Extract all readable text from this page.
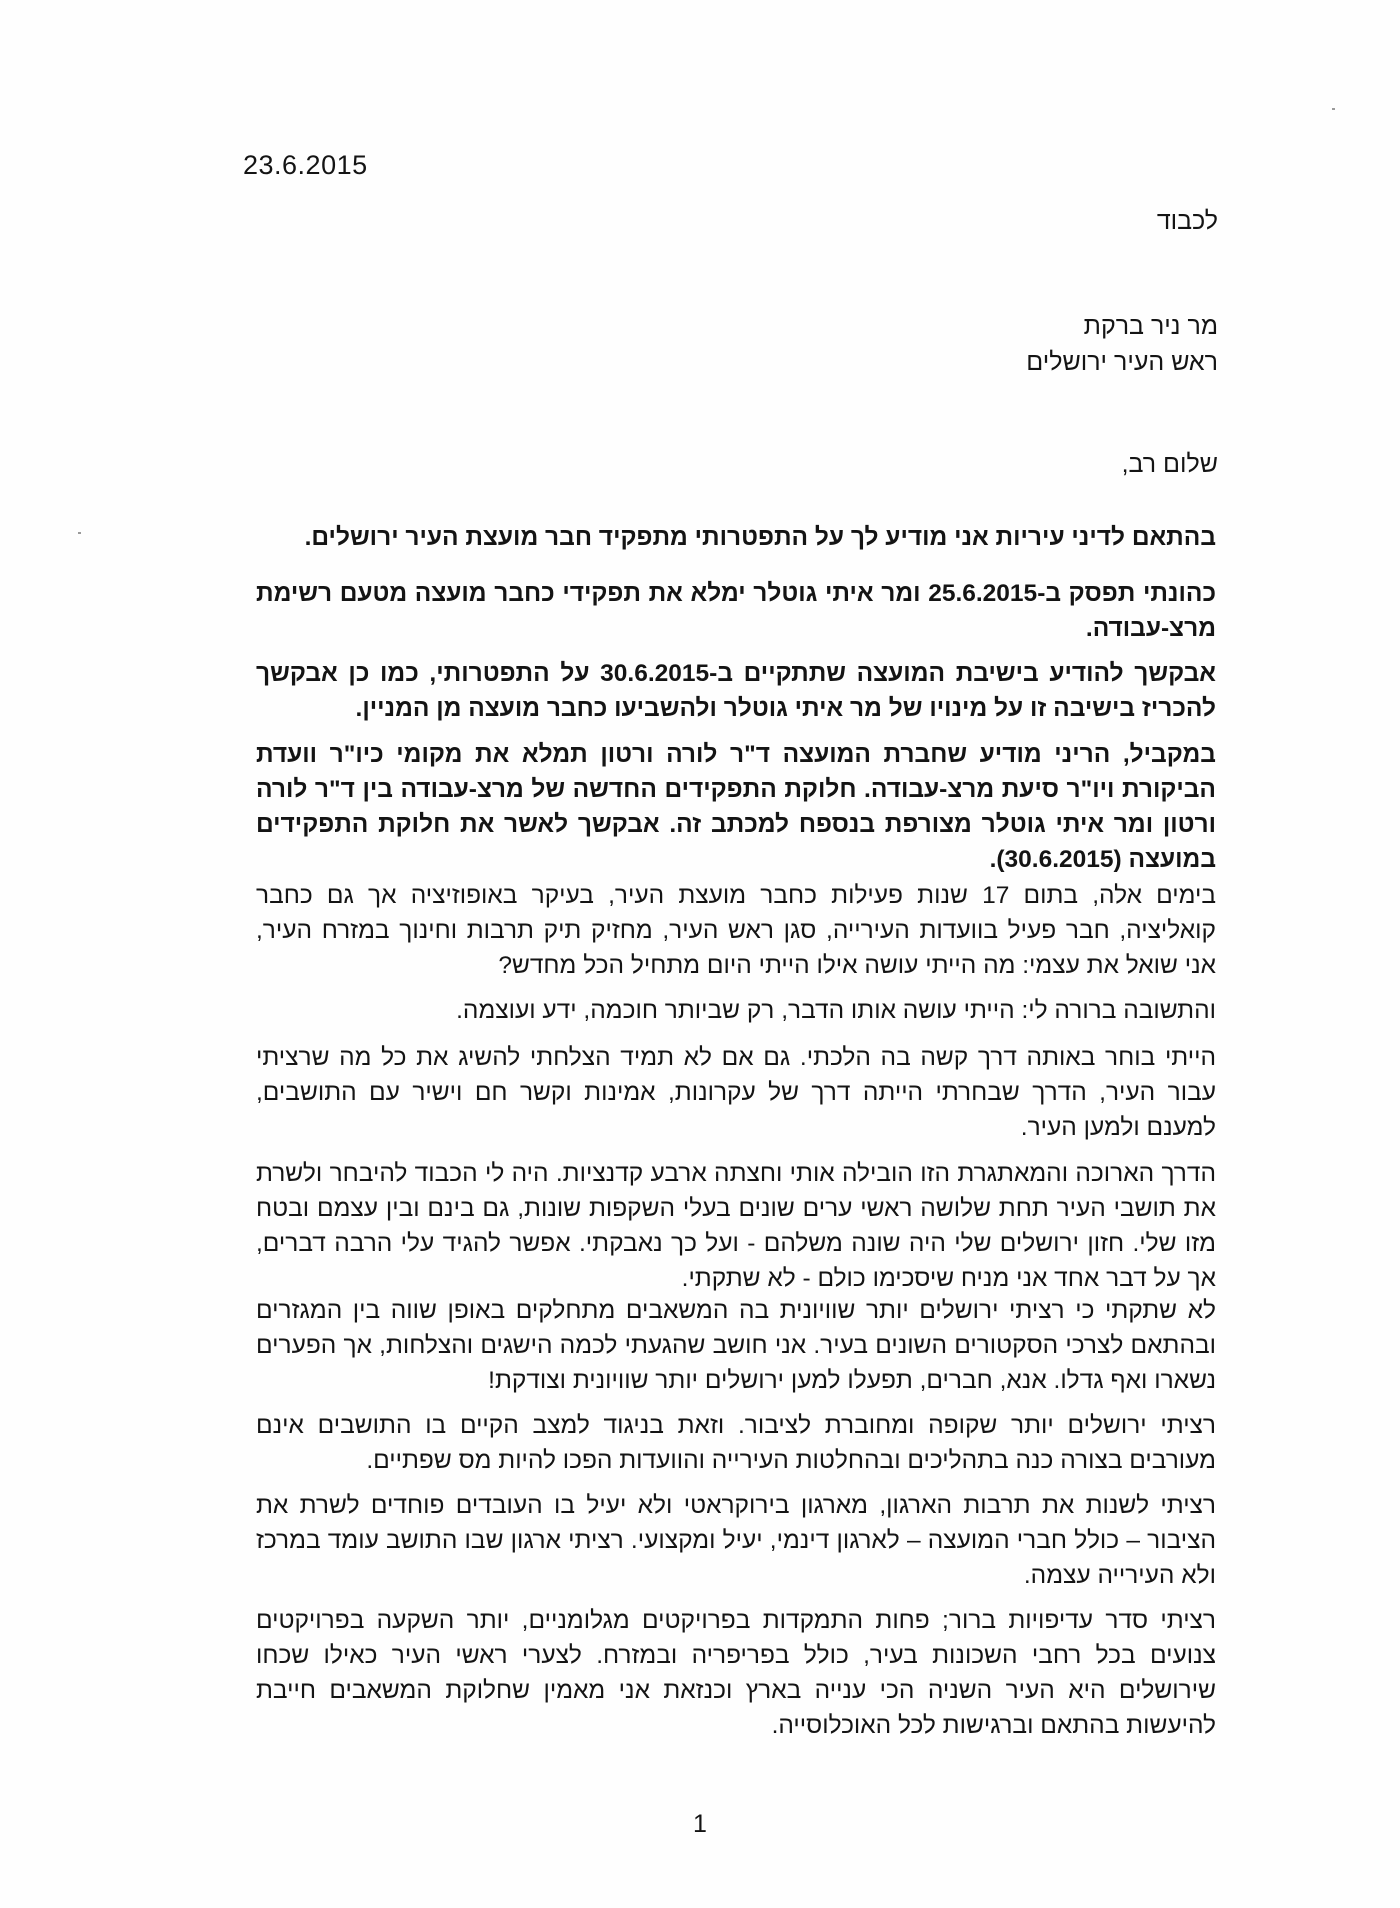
23.6.2015
לכבוד
מר ניר ברקת
ראש העיר ירושלים
שלום רב,

בהתאם לדיני עיריות אני מודיע לך על התפטרותי מתפקיד חבר מועצת העיר ירושלים.

כהונתי תפסק ב-25.6.2015 ומר איתי גוטלר ימלא את תפקידי כחבר מועצה מטעם רשימת מרצ-עבודה.

אבקשך להודיע בישיבת המועצה שתתקיים ב-30.6.2015 על התפטרותי, כמו כן אבקשך להכריז בישיבה זו על מינויו של מר איתי גוטלר ולהשביעו כחבר מועצה מן המניין.

במקביל, הריני מודיע שחברת המועצה ד"ר לורה ורטון תמלא את מקומי כיו"ר וועדת הביקורת ויו"ר סיעת מרצ-עבודה. חלוקת התפקידים החדשה של מרצ-עבודה בין ד"ר לורה ורטון ומר איתי גוטלר מצורפת בנספח למכתב זה. אבקשך לאשר את חלוקת התפקידים במועצה (30.6.2015).

בימים אלה, בתום 17 שנות פעילות כחבר מועצת העיר, בעיקר באופוזיציה אך גם כחבר קואליציה, חבר פעיל בוועדות העירייה, סגן ראש העיר, מחזיק תיק תרבות וחינוך במזרח העיר, אני שואל את עצמי: מה הייתי עושה אילו הייתי היום מתחיל הכל מחדש?

והתשובה ברורה לי: הייתי עושה אותו הדבר, רק שביותר חוכמה, ידע ועוצמה.

הייתי בוחר באותה דרך קשה בה הלכתי. גם אם לא תמיד הצלחתי להשיג את כל מה שרציתי עבור העיר, הדרך שבחרתי הייתה דרך של עקרונות, אמינות וקשר חם וישיר עם התושבים, למענם ולמען העיר.

הדרך הארוכה והמאתגרת הזו הובילה אותי וחצתה ארבע קדנציות. היה לי הכבוד להיבחר ולשרת את תושבי העיר תחת שלושה ראשי ערים שונים בעלי השקפות שונות, גם בינם ובין עצמם ובטח מזו שלי. חזון ירושלים שלי היה שונה משלהם - ועל כך נאבקתי. אפשר להגיד עלי הרבה דברים, אך על דבר אחד אני מניח שיסכימו כולם - לא שתקתי.

לא שתקתי כי רציתי ירושלים יותר שוויונית בה המשאבים מתחלקים באופן שווה בין המגזרים ובהתאם לצרכי הסקטורים השונים בעיר. אני חושב שהגעתי לכמה הישגים והצלחות, אך הפערים נשארו ואף גדלו. אנא, חברים, תפעלו למען ירושלים יותר שוויונית וצודקת!

רציתי ירושלים יותר שקופה ומחוברת לציבור. וזאת בניגוד למצב הקיים בו התושבים אינם מעורבים בצורה כנה בתהליכים ובהחלטות העירייה והוועדות הפכו להיות מס שפתיים.

רציתי לשנות את תרבות הארגון, מארגון בירוקראטי ולא יעיל בו העובדים פוחדים לשרת את הציבור – כולל חברי המועצה – לארגון דינמי, יעיל ומקצועי. רציתי ארגון שבו התושב עומד במרכז ולא העירייה עצמה.

רציתי סדר עדיפויות ברור; פחות התמקדות בפרויקטים מגלומניים, יותר השקעה בפרויקטים צנועים בכל רחבי השכונות בעיר, כולל בפריפריה ובמזרח. לצערי ראשי העיר כאילו שכחו שירושלים היא העיר השניה הכי ענייה בארץ וכנזאת אני מאמין שחלוקת המשאבים חייבת להיעשות בהתאם וברגישות לכל האוכלוסייה.

1
